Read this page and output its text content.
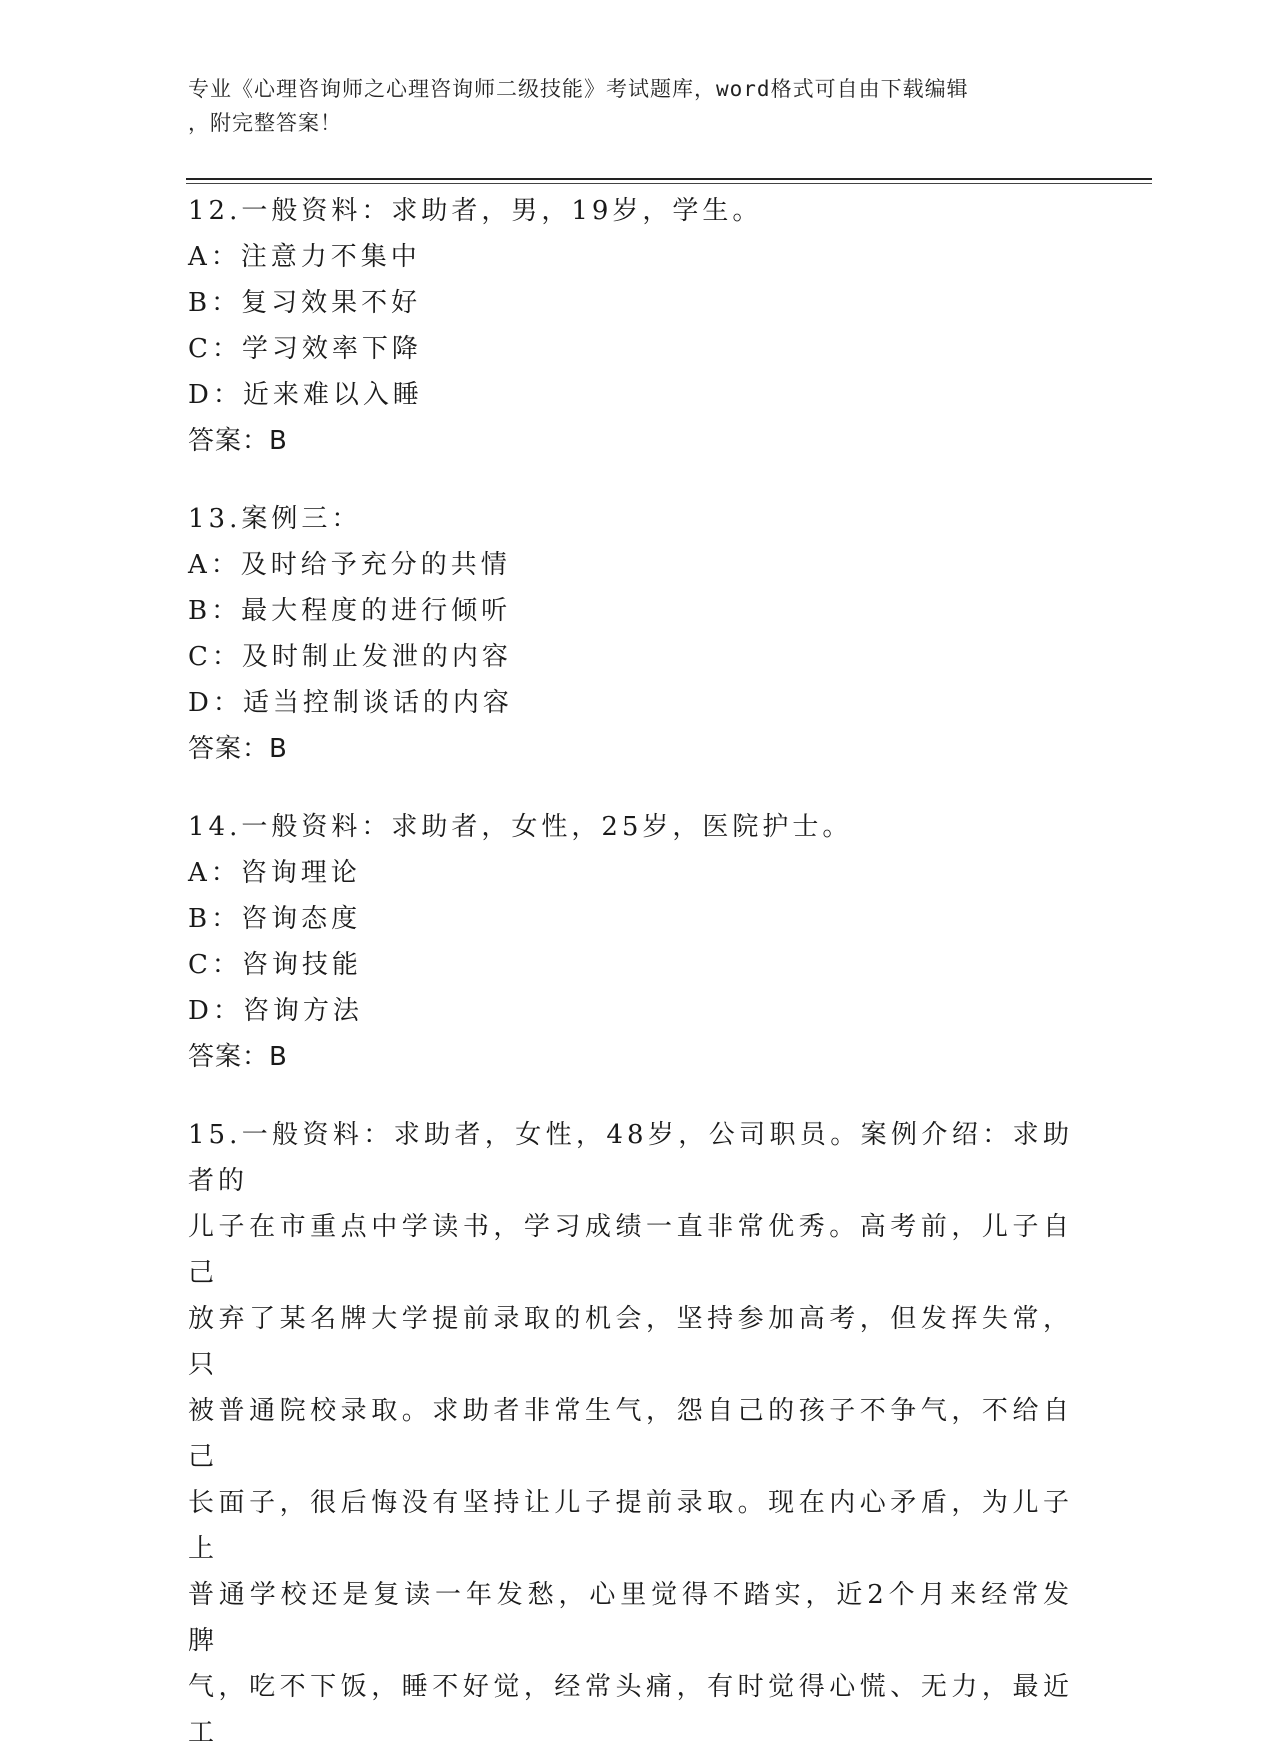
专业《心理咨询师之心理咨询师二级技能》考试题库，word格式可自由下载编辑
，附完整答案！

12.一般资料：求助者，男，19岁，学生。

A：注意力不集中

B：复习效果不好

C：学习效率下降

D：近来难以入睡

答案：B

13.案例三：

A：及时给予充分的共情

B：最大程度的进行倾听

C：及时制止发泄的内容

D：适当控制谈话的内容

答案：B

14.一般资料：求助者，女性，25岁，医院护士。

A：咨询理论

B：咨询态度

C：咨询技能

D：咨询方法

答案：B

15.一般资料：求助者，女性，48岁，公司职员。案例介绍：求助者的

儿子在市重点中学读书，学习成绩一直非常优秀。高考前，儿子自己

放弃了某名牌大学提前录取的机会，坚持参加高考，但发挥失常，只

被普通院校录取。求助者非常生气，怨自己的孩子不争气，不给自己

长面子，很后悔没有坚持让儿子提前录取。现在内心矛盾，为儿子上

普通学校还是复读一年发愁，心里觉得不踏实，近2个月来经常发脾

气，吃不下饭，睡不好觉，经常头痛，有时觉得心慌、无力，最近工
